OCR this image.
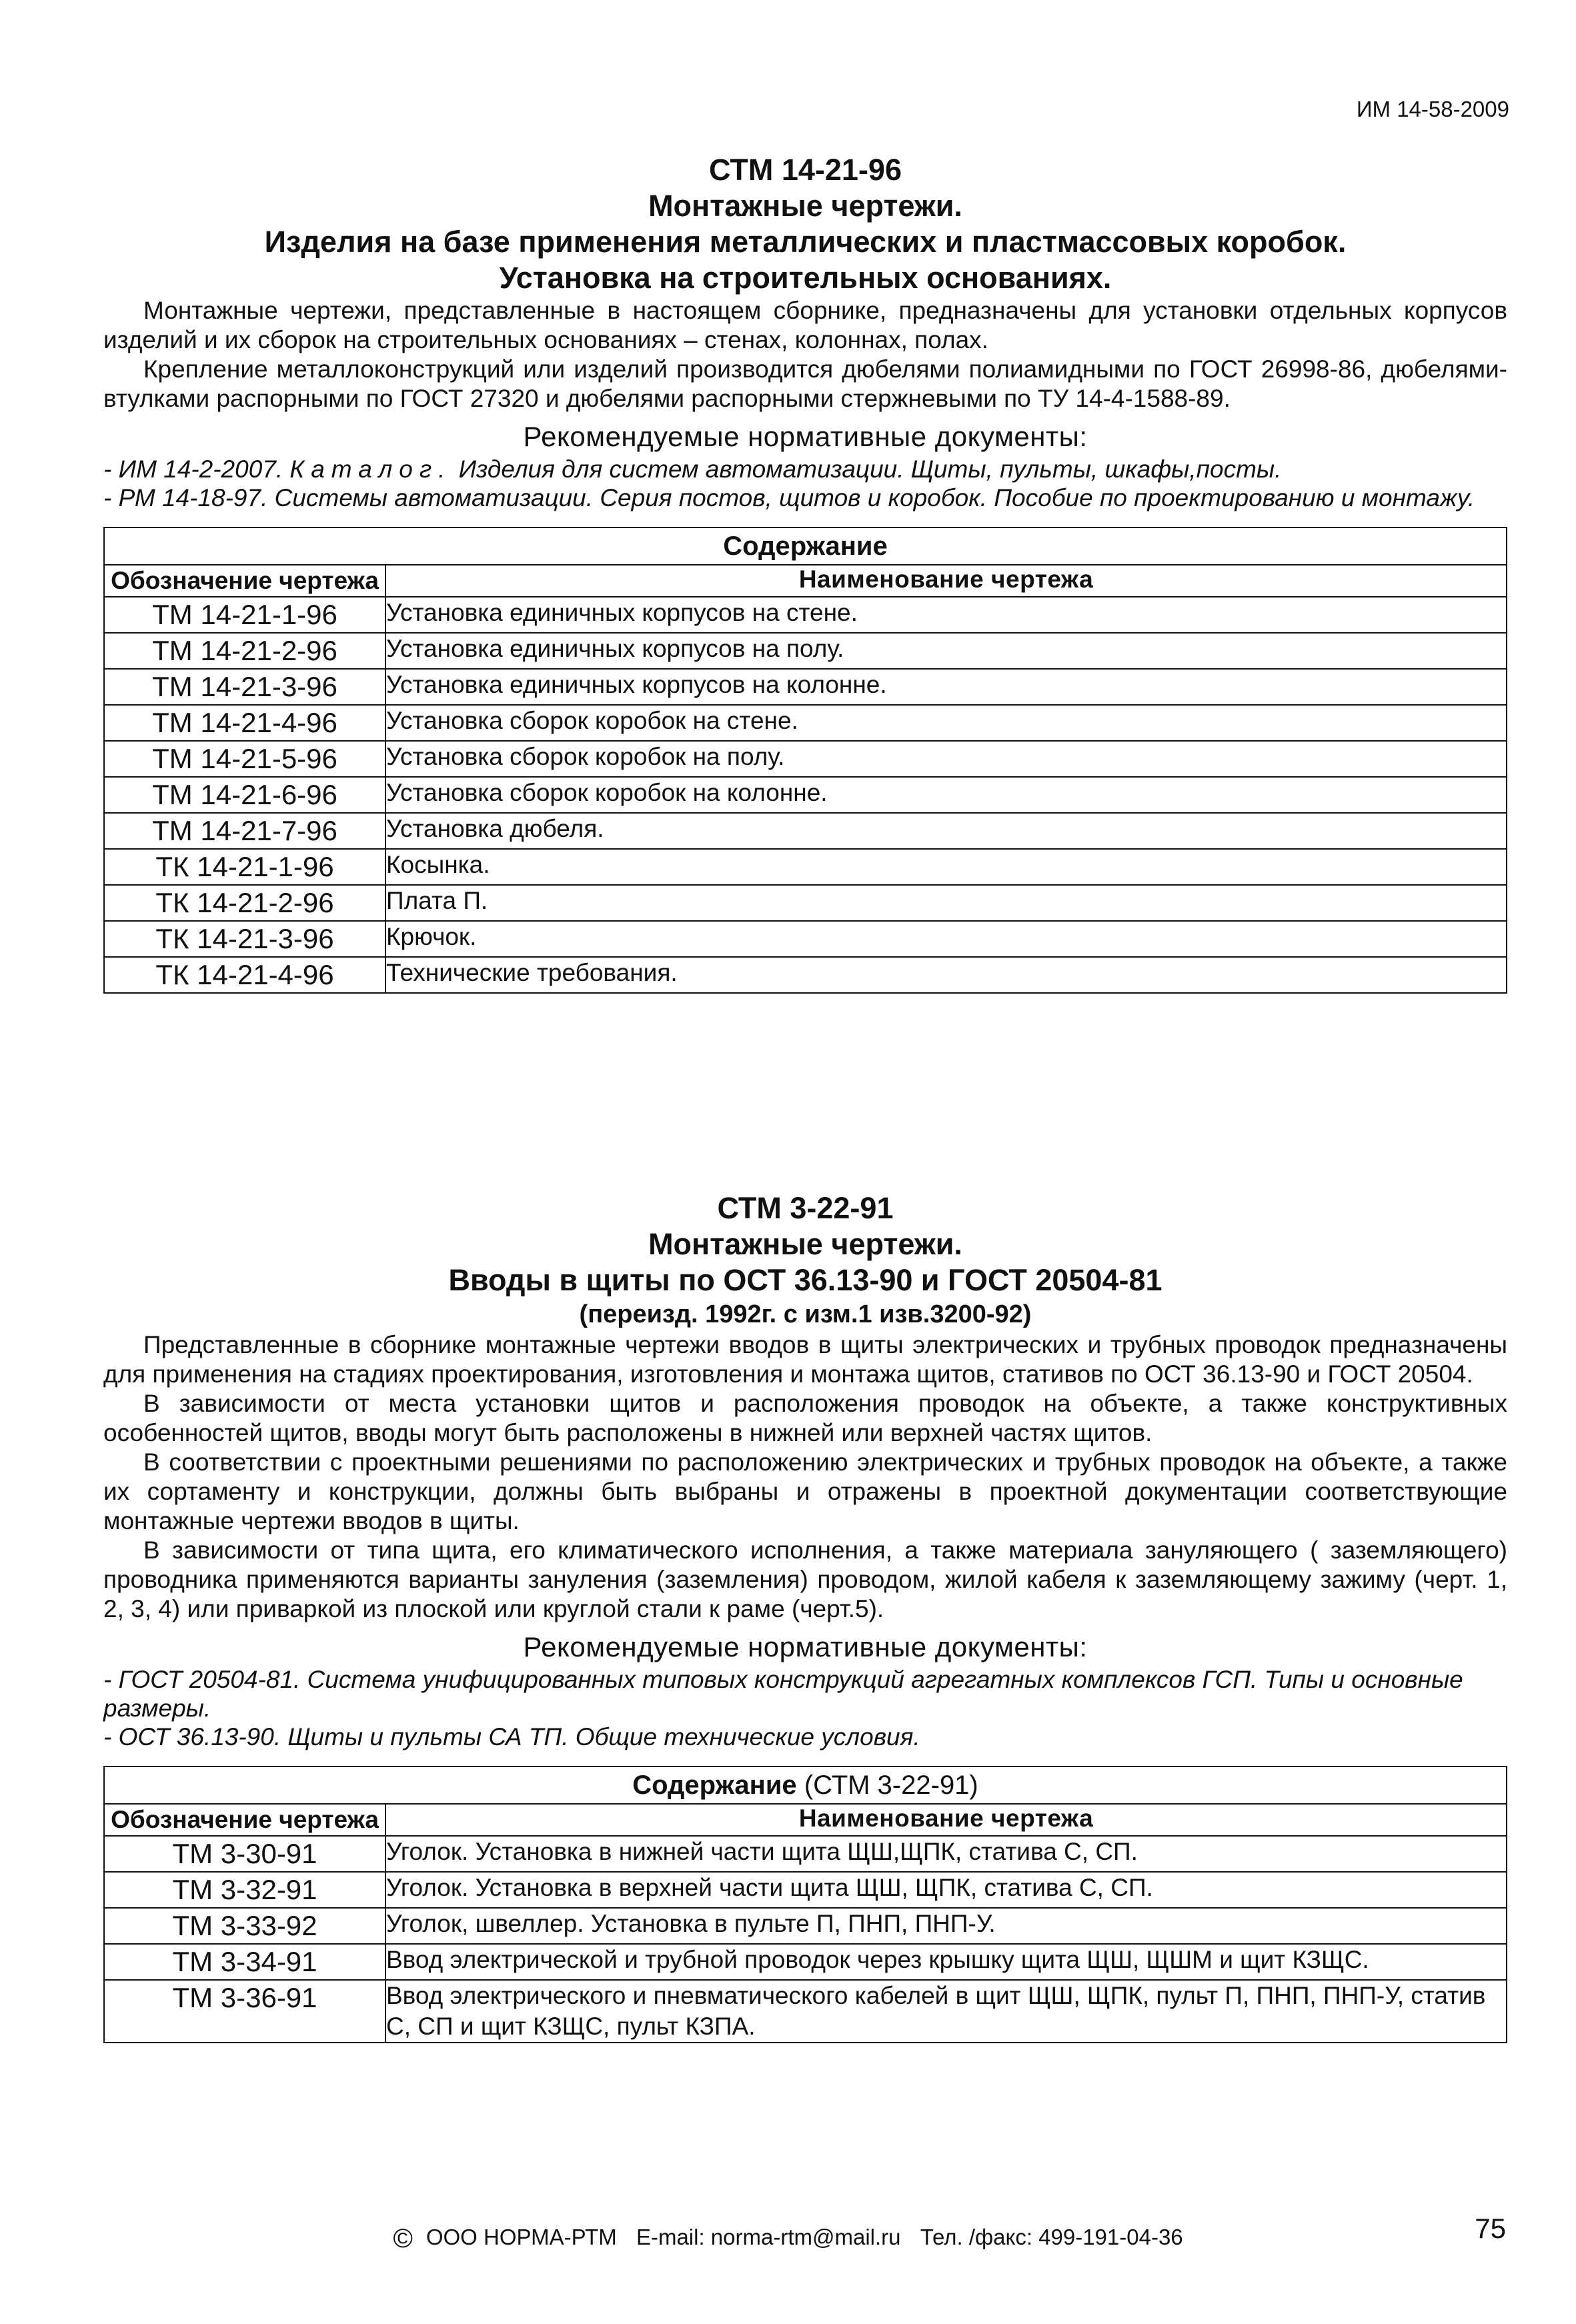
ИМ 14-58-2009
СТМ 14-21-96
Монтажные чертежи.
Изделия на базе применения металлических и пластмассовых коробок.
Установка на строительных основаниях.

Монтажные чертежи, представленные в настоящем сборнике, предназначены для установки отдельных корпусов изделий и их сборок на строительных основаниях – стенах, колоннах, полах.

Крепление металлоконструкций или изделий производится дюбелями полиамидными по ГОСТ 26998-86, дюбелями-втулками распорными по ГОСТ 27320 и дюбелями распорными стержневыми по ТУ 14-4-1588-89.

Рекомендуемые нормативные документы:

- ИМ 14-2-2007. Каталог. Изделия для систем автоматизации. Щиты, пульты, шкафы,посты.

- РМ 14-18-97. Системы автоматизации. Серия постов, щитов и коробок. Пособие по проектированию и монтажу.

Содержание	
Обозначение чертежа	Наименование чертежа
ТМ 14-21-1-96	Установка единичных корпусов на стене.
ТМ 14-21-2-96	Установка единичных корпусов на полу.
ТМ 14-21-3-96	Установка единичных корпусов на колонне.
ТМ 14-21-4-96	Установка сборок коробок на стене.
ТМ 14-21-5-96	Установка сборок коробок на полу.
ТМ 14-21-6-96	Установка сборок коробок на колонне.
ТМ 14-21-7-96	Установка дюбеля.
ТК 14-21-1-96	Косынка.
ТК 14-21-2-96	Плата П.
ТК 14-21-3-96	Крючок.
ТК 14-21-4-96	Технические требования.
СТМ 3-22-91
Монтажные чертежи.
Вводы в щиты по ОСТ 36.13-90 и ГОСТ 20504-81
(переизд. 1992г. с изм.1 изв.3200-92)

Представленные в сборнике монтажные чертежи вводов в щиты электрических и трубных проводок предназначены для применения на стадиях проектирования, изготовления и монтажа щитов, стативов по ОСТ 36.13-90 и ГОСТ 20504.

В зависимости от места установки щитов и расположения проводок на объекте, а также конструктивных особенностей щитов, вводы могут быть расположены в нижней или верхней частях щитов.

В соответствии с проектными решениями по расположению электрических и трубных проводок на объекте, а также их сортаменту и конструкции, должны быть выбраны и отражены в проектной документации соответствующие монтажные чертежи вводов в щиты.

В зависимости от типа щита, его климатического исполнения, а также материала зануляющего ( заземляющего) проводника применяются варианты зануления (заземления) проводом, жилой кабеля к заземляющему зажиму (черт. 1, 2, 3, 4) или приваркой из плоской или круглой стали к раме (черт.5).

Рекомендуемые нормативные документы:

- ГОСТ 20504-81. Система унифицированных типовых конструкций агрегатных комплексов ГСП. Типы и основные размеры.

- ОСТ 36.13-90. Щиты и пульты СА ТП. Общие технические условия.

Содержание (СТМ 3-22-91)	
Обозначение чертежа	Наименование чертежа
ТМ 3-30-91	Уголок. Установка в нижней части щита ЩШ,ЩПК, статива С, СП.
ТМ 3-32-91	Уголок. Установка в верхней части щита ЩШ, ЩПК, статива С, СП.
ТМ 3-33-92	Уголок, швеллер. Установка в пульте П, ПНП, ПНП-У.
ТМ 3-34-91	Ввод электрической и трубной проводок через крышку щита ЩШ, ЩШМ и щит КЗЩС.
ТМ 3-36-91	Ввод электрического и пневматического кабелей в щит ЩШ, ЩПК, пульт П, ПНП, ПНП-У, статив С, СП и щит КЗЩС, пульт КЗПА.
© ООО НОРМА-РТМ E-mail: norma-rtm@mail.ru Тел. /факс: 499-191-04-36	75
